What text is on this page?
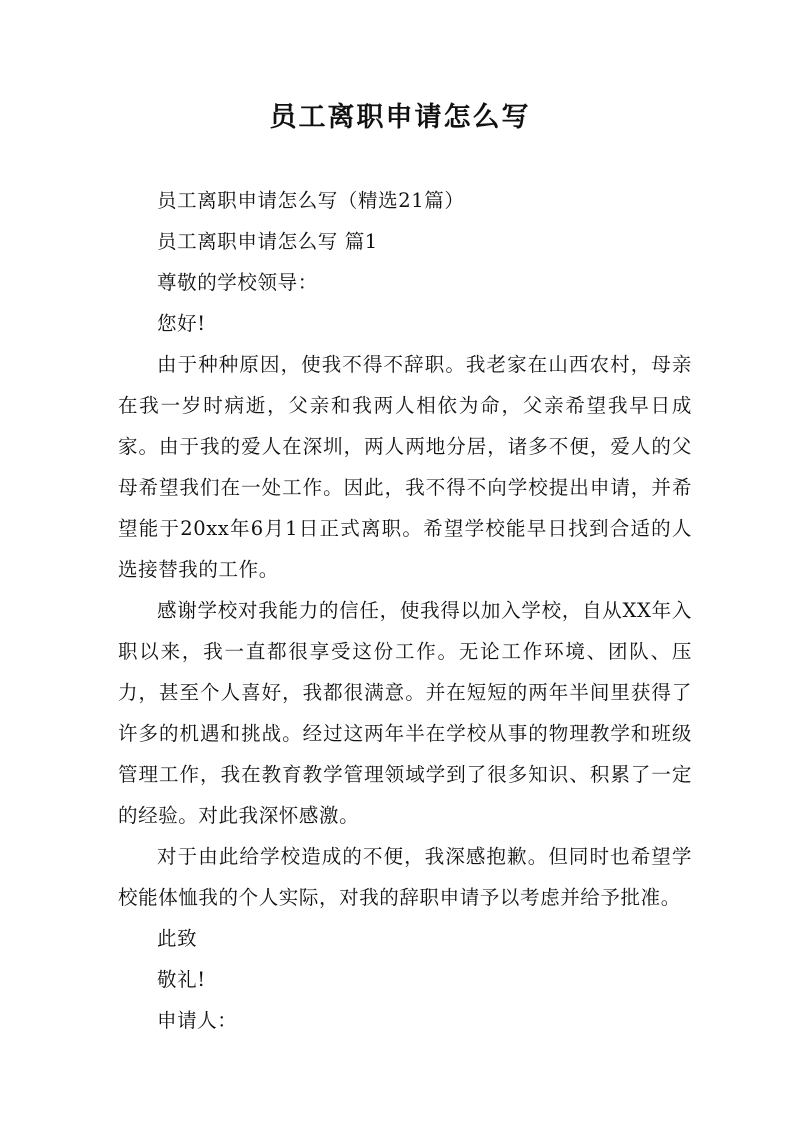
员工离职申请怎么写

员工离职申请怎么写（精选21篇）

员工离职申请怎么写 篇1

尊敬的学校领导：

您好!

由于种种原因，使我不得不辞职。我老家在山西农村，母亲在我一岁时病逝，父亲和我两人相依为命，父亲希望我早日成家。由于我的爱人在深圳，两人两地分居，诸多不便，爱人的父母希望我们在一处工作。因此，我不得不向学校提出申请，并希望能于20xx年6月1日正式离职。希望学校能早日找到合适的人选接替我的工作。

感谢学校对我能力的信任，使我得以加入学校，自从XX年入职以来，我一直都很享受这份工作。无论工作环境、团队、压力，甚至个人喜好，我都很满意。并在短短的两年半间里获得了许多的机遇和挑战。经过这两年半在学校从事的物理教学和班级管理工作，我在教育教学管理领域学到了很多知识、积累了一定的经验。对此我深怀感激。

对于由此给学校造成的不便，我深感抱歉。但同时也希望学校能体恤我的个人实际，对我的辞职申请予以考虑并给予批准。

此致

敬礼!

申请人：
